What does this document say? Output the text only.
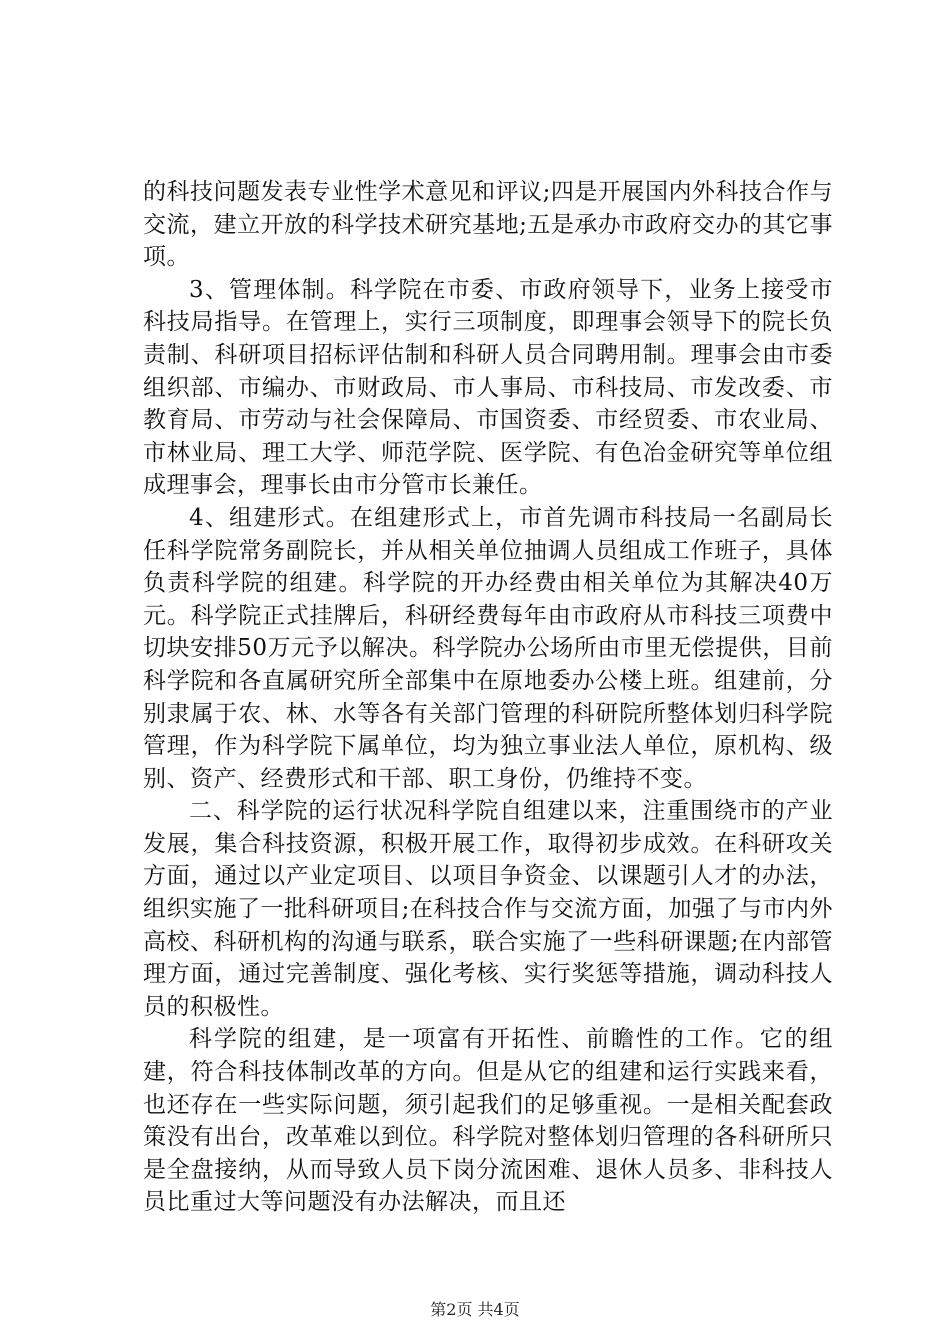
的科技问题发表专业性学术意见和评议;四是开展国内外科技合作与交流，建立开放的科学技术研究基地;五是承办市政府交办的其它事项。

3、管理体制。科学院在市委、市政府领导下，业务上接受市科技局指导。在管理上，实行三项制度，即理事会领导下的院长负责制、科研项目招标评估制和科研人员合同聘用制。理事会由市委组织部、市编办、市财政局、市人事局、市科技局、市发改委、市教育局、市劳动与社会保障局、市国资委、市经贸委、市农业局、市林业局、理工大学、师范学院、医学院、有色冶金研究等单位组成理事会，理事长由市分管市长兼任。

4、组建形式。在组建形式上，市首先调市科技局一名副局长任科学院常务副院长，并从相关单位抽调人员组成工作班子，具体负责科学院的组建。科学院的开办经费由相关单位为其解决40万元。科学院正式挂牌后，科研经费每年由市政府从市科技三项费中切块安排50万元予以解决。科学院办公场所由市里无偿提供，目前科学院和各直属研究所全部集中在原地委办公楼上班。组建前，分别隶属于农、林、水等各有关部门管理的科研院所整体划归科学院管理，作为科学院下属单位，均为独立事业法人单位，原机构、级别、资产、经费形式和干部、职工身份，仍维持不变。

二、科学院的运行状况科学院自组建以来，注重围绕市的产业发展，集合科技资源，积极开展工作，取得初步成效。在科研攻关方面，通过以产业定项目、以项目争资金、以课题引人才的办法，组织实施了一批科研项目;在科技合作与交流方面，加强了与市内外高校、科研机构的沟通与联系，联合实施了一些科研课题;在内部管理方面，通过完善制度、强化考核、实行奖惩等措施，调动科技人员的积极性。

科学院的组建，是一项富有开拓性、前瞻性的工作。它的组建，符合科技体制改革的方向。但是从它的组建和运行实践来看，也还存在一些实际问题，须引起我们的足够重视。一是相关配套政策没有出台，改革难以到位。科学院对整体划归管理的各科研所只是全盘接纳，从而导致人员下岗分流困难、退休人员多、非科技人员比重过大等问题没有办法解决，而且还

第2页 共4页
